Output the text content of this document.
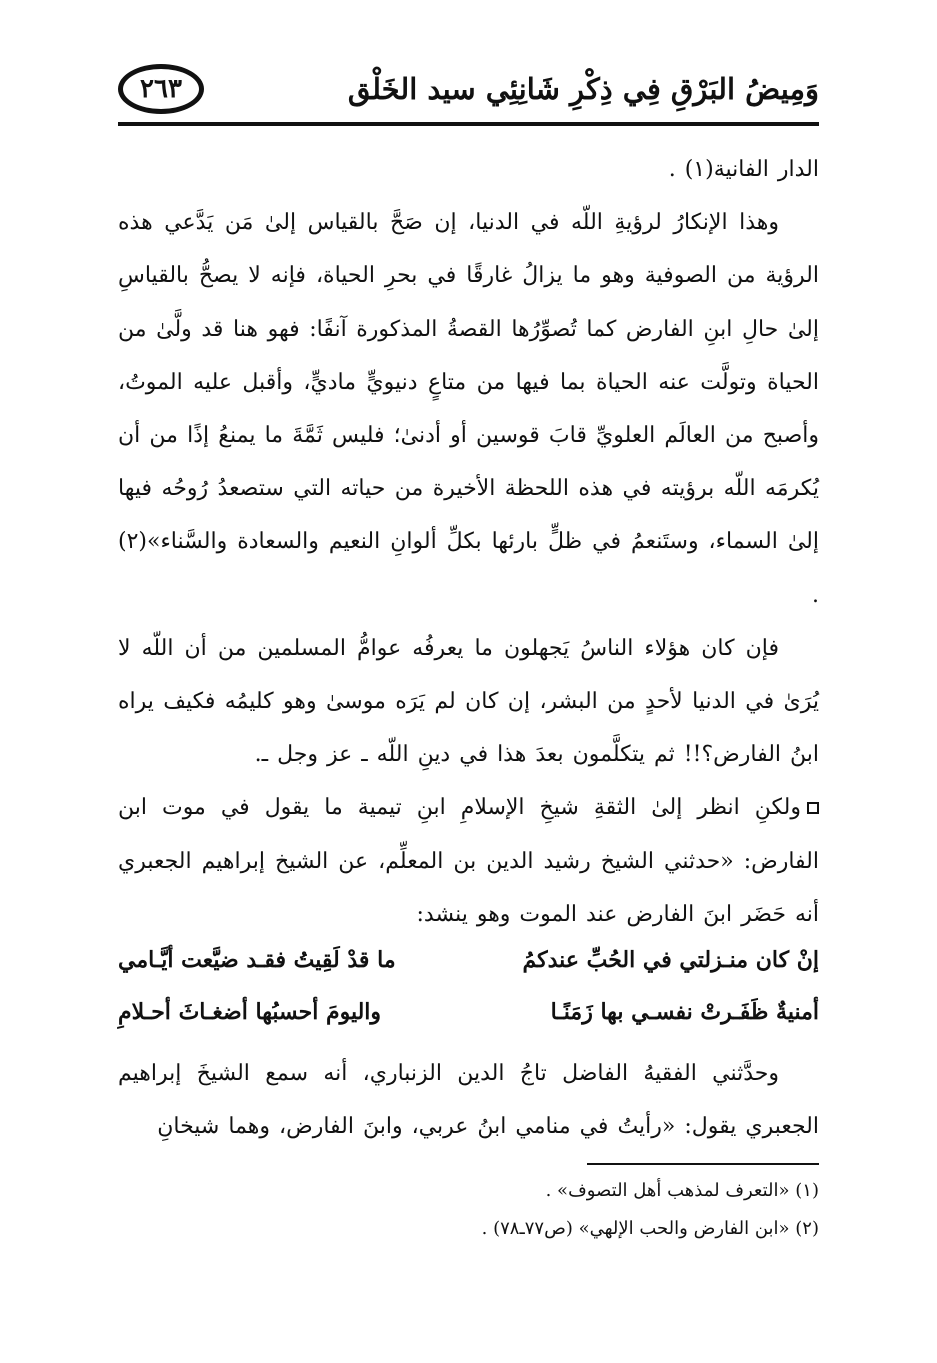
وَمِيضُ البَرْقِ فِي ذِكْرِ شَانِئِي سيد الخَلْق
٢٦٣

الدار الفانية(١) .

وهذا الإنكارُ لرؤيةِ اللّه في الدنيا، إن صَحَّ بالقياس إلىٰ مَن يَدَّعي هذه الرؤية من الصوفية وهو ما يزالُ غارقًا في بحرِ الحياة، فإنه لا يصحُّ بالقياسِ إلىٰ حالِ ابنِ الفارض كما تُصوِّرُها القصةُ المذكورة آنفًا: فهو هنا قد ولَّىٰ من الحياة وتولَّت عنه الحياة بما فيها من متاعٍ دنيويٍّ ماديٍّ، وأقبل عليه الموتُ، وأصبح من العالَم العلويِّ قابَ قوسين أو أدنىٰ؛ فليس ثَمَّةَ ما يمنعُ إذًا من أن يُكرمَه اللّه برؤيته في هذه اللحظة الأخيرة من حياته التي ستصعدُ رُوحُه فيها إلىٰ السماء، وستَنعمُ في ظلٍّ بارئها بكلِّ ألوانِ النعيم والسعادة والسَّناء»(٢) .

فإن كان هؤلاء الناسُ يَجهلون ما يعرفُه عوامُّ المسلمين من أن اللّه لا يُرَىٰ في الدنيا لأحدٍ من البشر، إن كان لم يَرَه موسىٰ وهو كليمُه فكيف يراه ابنُ الفارض؟!! ثم يتكلَّمون بعدَ هذا في دينِ اللّه ـ عز وجل ـ.

ولكنِ انظر إلىٰ الثقةِ شيخِ الإسلامِ ابنِ تيمية ما يقول في موت ابن الفارض: «حدثني الشيخ رشيد الدين بن المعلِّم، عن الشيخ إبراهيم الجعبري أنه حَضَر ابنَ الفارض عند الموت وهو ينشد:

إنْ كان منـزلتي في الحُبِّ عندكمُ
ما قدْ لَقِيتُ فقـد ضيَّعت أيَّـامي
أمنيةٌ ظَفَـرتْ نفسـي بها زَمَنًـا
واليومَ أحسبُها أضغـاثَ أحـلامِ

وحدَّثني الفقيهُ الفاضل تاجُ الدين الزنباري، أنه سمع الشيخَ إبراهيم الجعبري يقول: «رأيتُ في منامي ابنُ عربي، وابنَ الفارض، وهما شيخانِ

(١) «التعرف لمذهب أهل التصوف» .

(٢) «ابن الفارض والحب الإلهي» (ص٧٧ـ٧٨) .
